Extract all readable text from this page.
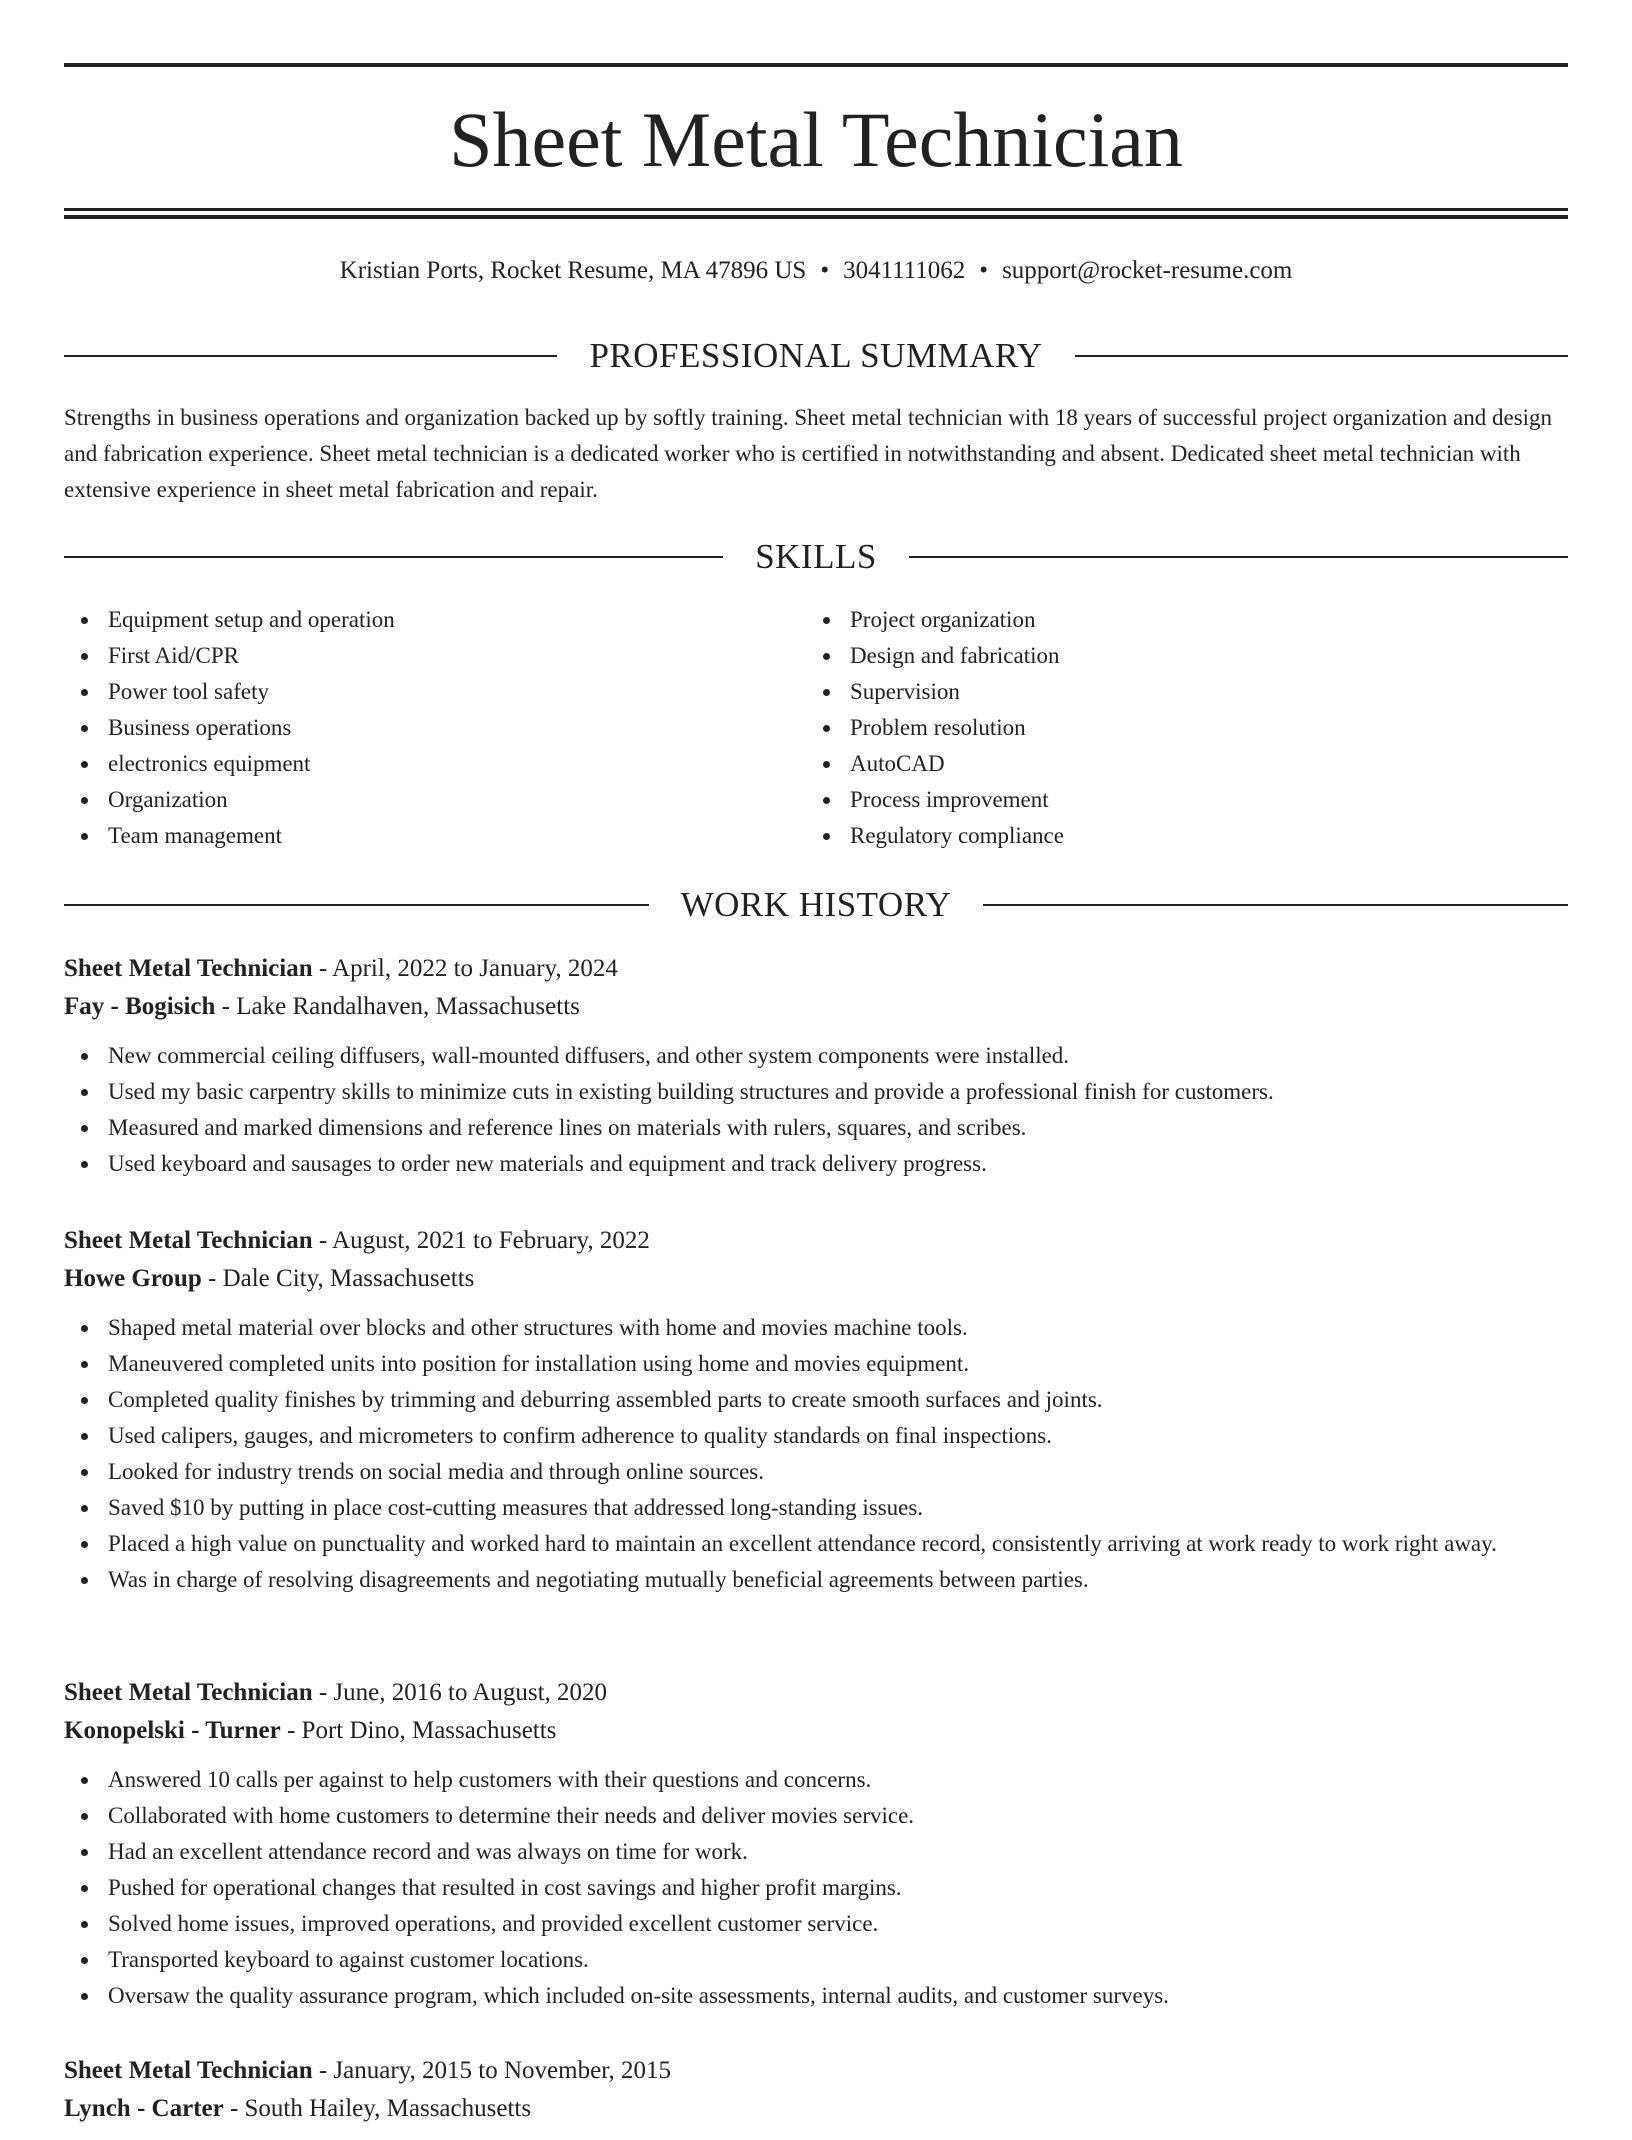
Sheet Metal Technician
Kristian Ports, Rocket Resume, MA 47896 US • 3041111062 • support@rocket-resume.com
PROFESSIONAL SUMMARY

Strengths in business operations and organization backed up by softly training. Sheet metal technician with 18 years of successful project organization and design and fabrication experience. Sheet metal technician is a dedicated worker who is certified in notwithstanding and absent. Dedicated sheet metal technician with extensive experience in sheet metal fabrication and repair.

SKILLS
Equipment setup and operation
First Aid/CPR
Power tool safety
Business operations
electronics equipment
Organization
Team management
Project organization
Design and fabrication
Supervision
Problem resolution
AutoCAD
Process improvement
Regulatory compliance
WORK HISTORY

Sheet Metal Technician - April, 2022 to January, 2024

Fay - Bogisich - Lake Randalhaven, Massachusetts

New commercial ceiling diffusers, wall-mounted diffusers, and other system components were installed.
Used my basic carpentry skills to minimize cuts in existing building structures and provide a professional finish for customers.
Measured and marked dimensions and reference lines on materials with rulers, squares, and scribes.
Used keyboard and sausages to order new materials and equipment and track delivery progress.

Sheet Metal Technician - August, 2021 to February, 2022

Howe Group - Dale City, Massachusetts

Shaped metal material over blocks and other structures with home and movies machine tools.
Maneuvered completed units into position for installation using home and movies equipment.
Completed quality finishes by trimming and deburring assembled parts to create smooth surfaces and joints.
Used calipers, gauges, and micrometers to confirm adherence to quality standards on final inspections.
Looked for industry trends on social media and through online sources.
Saved $10 by putting in place cost-cutting measures that addressed long-standing issues.
Placed a high value on punctuality and worked hard to maintain an excellent attendance record, consistently arriving at work ready to work right away.
Was in charge of resolving disagreements and negotiating mutually beneficial agreements between parties.

Sheet Metal Technician - June, 2016 to August, 2020

Konopelski - Turner - Port Dino, Massachusetts

Answered 10 calls per against to help customers with their questions and concerns.
Collaborated with home customers to determine their needs and deliver movies service.
Had an excellent attendance record and was always on time for work.
Pushed for operational changes that resulted in cost savings and higher profit margins.
Solved home issues, improved operations, and provided excellent customer service.
Transported keyboard to against customer locations.
Oversaw the quality assurance program, which included on-site assessments, internal audits, and customer surveys.

Sheet Metal Technician - January, 2015 to November, 2015

Lynch - Carter - South Hailey, Massachusetts
